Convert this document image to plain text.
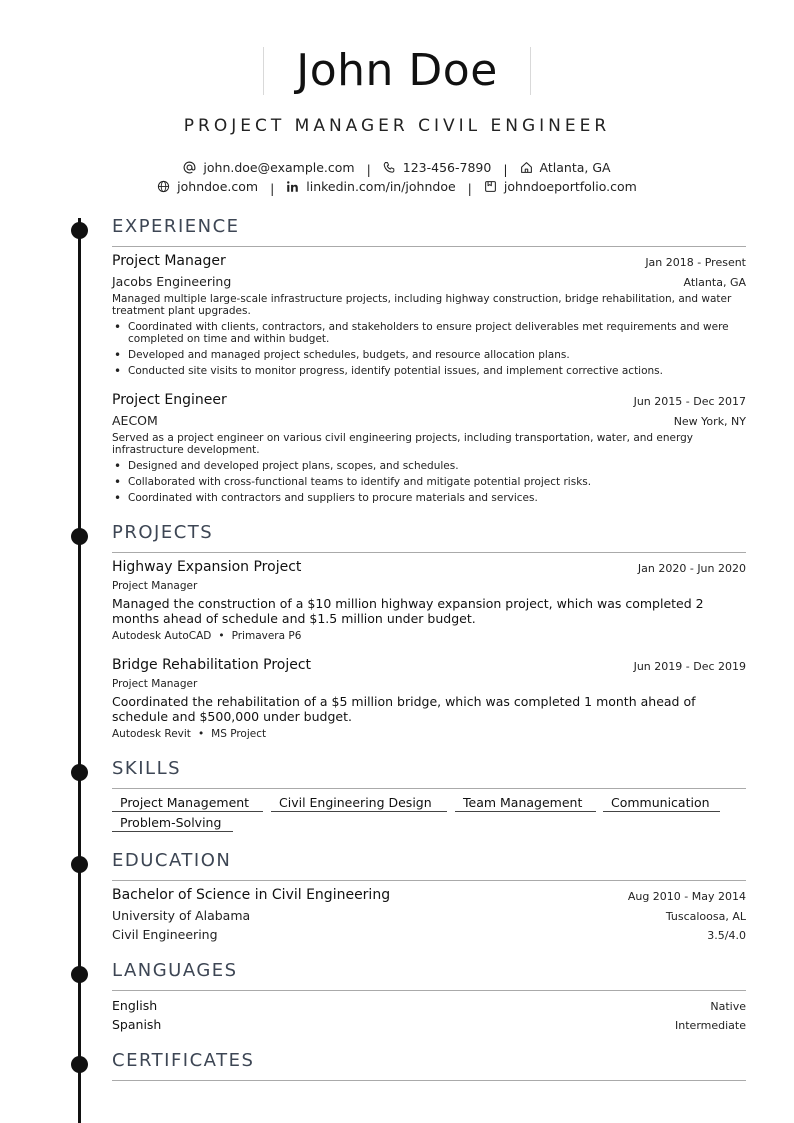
John Doe
PROJECT MANAGER CIVIL ENGINEER
john.doe@example.com |	123-456-7890 |	Atlanta, GA
johndoe.com |	linkedin.com/in/johndoe |	johndoeportfolio.com
EXPERIENCE
Project Manager	Jan 2018 - Present
Jacobs Engineering	Atlanta, GA
Managed multiple large-scale infrastructure projects, including highway construction, bridge rehabilitation, and water treatment plant upgrades.
• Coordinated with clients, contractors, and stakeholders to ensure project deliverables met requirements and were completed on time and within budget.
• Developed and managed project schedules, budgets, and resource allocation plans.
• Conducted site visits to monitor progress, identify potential issues, and implement corrective actions.
Project Engineer	Jun 2015 - Dec 2017
AECOM	New York, NY
Served as a project engineer on various civil engineering projects, including transportation, water, and energy infrastructure development.
• Designed and developed project plans, scopes, and schedules.
• Collaborated with cross-functional teams to identify and mitigate potential project risks.
• Coordinated with contractors and suppliers to procure materials and services.
PROJECTS
Highway Expansion Project	Jan 2020 - Jun 2020
Project Manager
Managed the construction of a $10 million highway expansion project, which was completed 2 months ahead of schedule and $1.5 million under budget.
Autodesk AutoCAD • Primavera P6
Bridge Rehabilitation Project	Jun 2019 - Dec 2019
Project Manager
Coordinated the rehabilitation of a $5 million bridge, which was completed 1 month ahead of schedule and $500,000 under budget.
Autodesk Revit • MS Project
SKILLS
Project Management	Civil Engineering Design	Team Management	Communication
Problem-Solving
EDUCATION
Bachelor of Science in Civil Engineering	Aug 2010 - May 2014
University of Alabama	Tuscaloosa, AL
Civil Engineering	3.5/4.0
LANGUAGES
English	Native
Spanish	Intermediate
CERTIFICATES
